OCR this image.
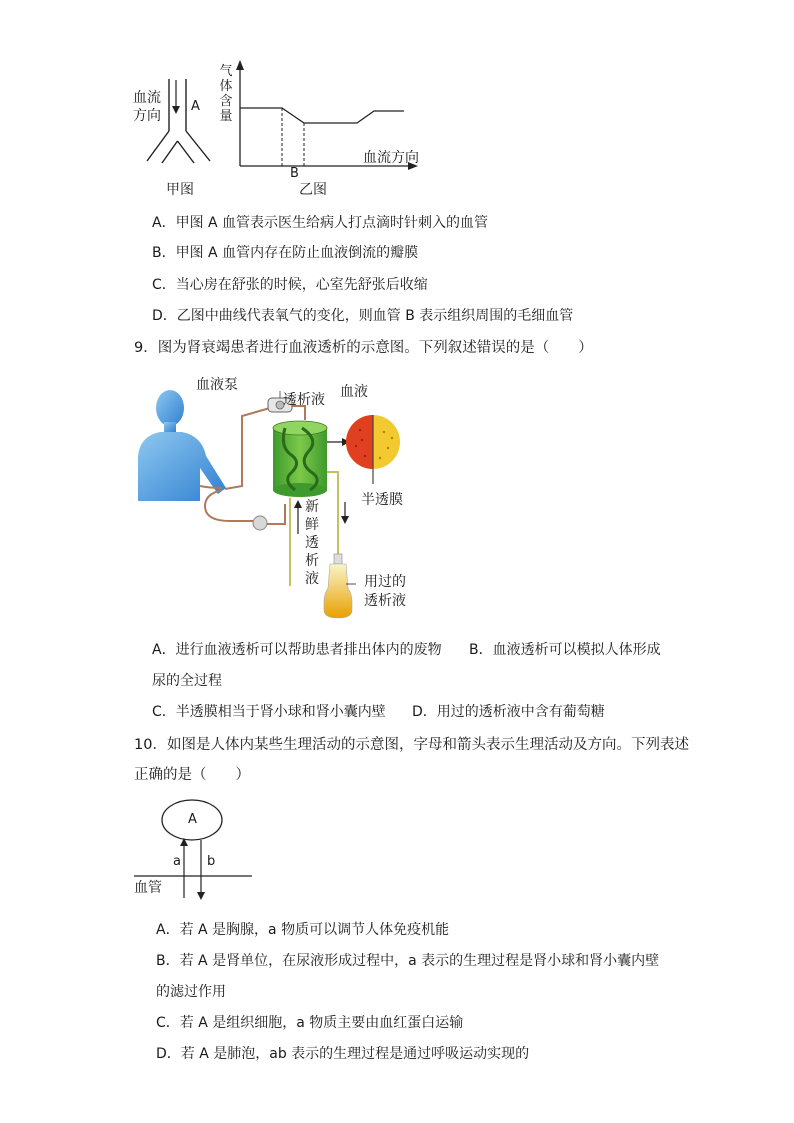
血流
方向
A
甲图
气
体
含
量
血流方向
B
乙图
A．甲图 A 血管表示医生给病人打点滴时针刺入的血管
B．甲图 A 血管内存在防止血液倒流的瓣膜
C．当心房在舒张的时候，心室先舒张后收缩
D．乙图中曲线代表氧气的变化，则血管 B 表示组织周围的毛细血管
9．图为肾衰竭患者进行血液透析的示意图。下列叙述错误的是（　　）
血液泵
透析液 血液
半透膜
新
鲜
透
析
液	用过的
透析液
A．进行血液透析可以帮助患者排出体内的废物 B．血液透析可以模拟人体形成
尿的全过程
C．半透膜相当于肾小球和肾小囊内壁 D．用过的透析液中含有葡萄糖
10．如图是人体内某些生理活动的示意图，字母和箭头表示生理活动及方向。下列表述
正确的是（　　）
A
a b
血管
A．若 A 是胸腺，a 物质可以调节人体免疫机能
B．若 A 是肾单位，在尿液形成过程中，a 表示的生理过程是肾小球和肾小囊内壁
的滤过作用
C．若 A 是组织细胞，a 物质主要由血红蛋白运输
D．若 A 是肺泡，ab 表示的生理过程是通过呼吸运动实现的
